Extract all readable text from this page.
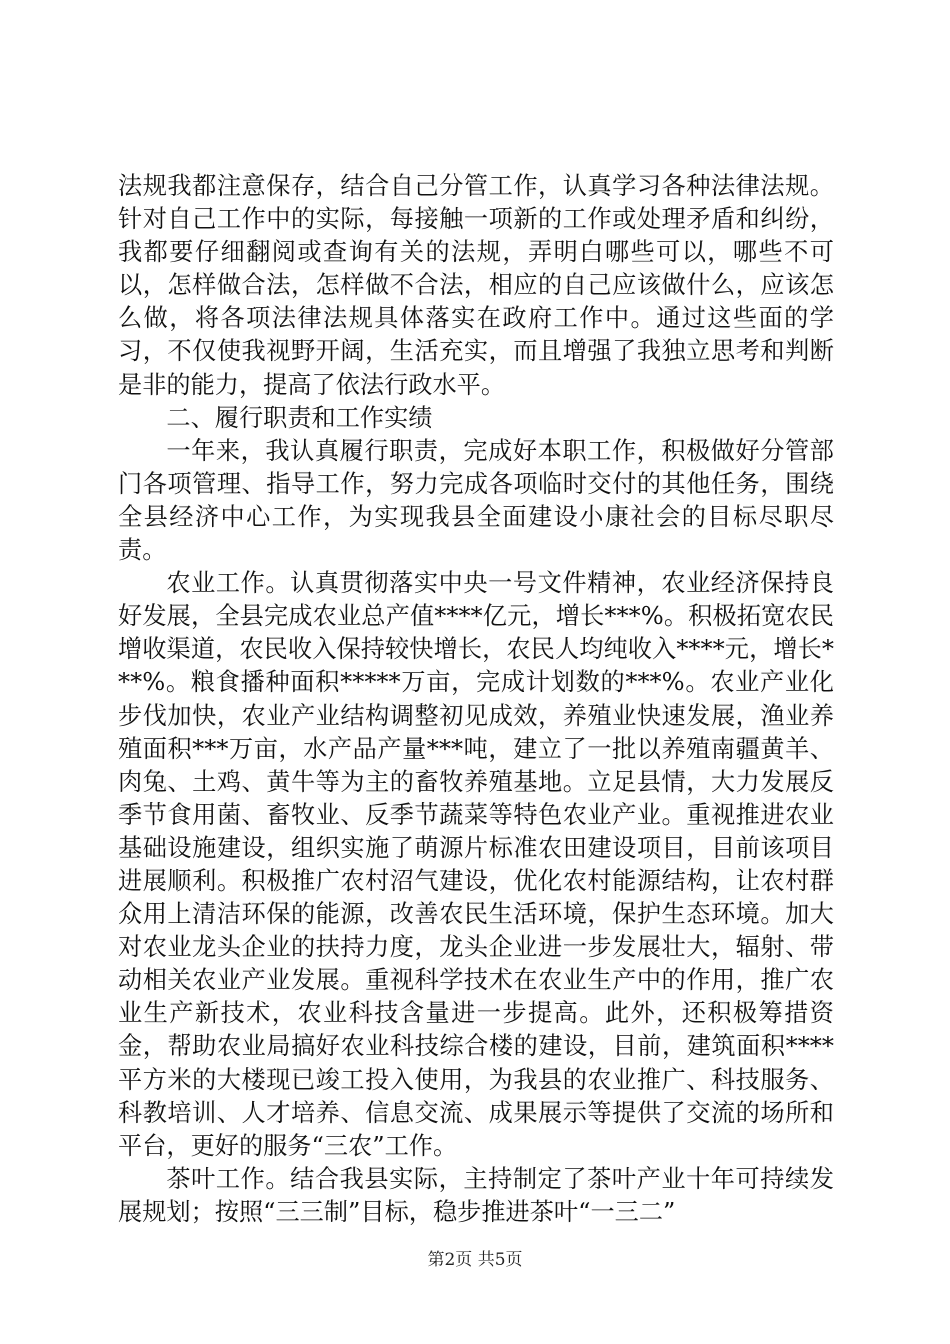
法规我都注意保存，结合自己分管工作，认真学习各种法律法规。针对自己工作中的实际，每接触一项新的工作或处理矛盾和纠纷，我都要仔细翻阅或查询有关的法规，弄明白哪些可以，哪些不可以，怎样做合法，怎样做不合法，相应的自己应该做什么，应该怎么做，将各项法律法规具体落实在政府工作中。通过这些面的学习，不仅使我视野开阔，生活充实，而且增强了我独立思考和判断是非的能力，提高了依法行政水平。

二、履行职责和工作实绩

一年来，我认真履行职责，完成好本职工作，积极做好分管部门各项管理、指导工作，努力完成各项临时交付的其他任务，围绕全县经济中心工作，为实现我县全面建设小康社会的目标尽职尽责。

农业工作。认真贯彻落实中央一号文件精神，农业经济保持良好发展，全县完成农业总产值****亿元，增长***%。积极拓宽农民增收渠道，农民收入保持较快增长，农民人均纯收入****元，增长***%。粮食播种面积*****万亩，完成计划数的***%。农业产业化步伐加快，农业产业结构调整初见成效，养殖业快速发展，渔业养殖面积***万亩，水产品产量***吨，建立了一批以养殖南疆黄羊、肉兔、土鸡、黄牛等为主的畜牧养殖基地。立足县情，大力发展反季节食用菌、畜牧业、反季节蔬菜等特色农业产业。重视推进农业基础设施建设，组织实施了萌源片标准农田建设项目，目前该项目进展顺利。积极推广农村沼气建设，优化农村能源结构，让农村群众用上清洁环保的能源，改善农民生活环境，保护生态环境。加大对农业龙头企业的扶持力度，龙头企业进一步发展壮大，辐射、带动相关农业产业发展。重视科学技术在农业生产中的作用，推广农业生产新技术，农业科技含量进一步提高。此外，还积极筹措资金，帮助农业局搞好农业科技综合楼的建设，目前，建筑面积****平方米的大楼现已竣工投入使用，为我县的农业推广、科技服务、科教培训、人才培养、信息交流、成果展示等提供了交流的场所和平台，更好的服务“三农”工作。

茶叶工作。结合我县实际，主持制定了茶叶产业十年可持续发展规划；按照“三三制”目标，稳步推进茶叶“一三二”

第2页 共5页
